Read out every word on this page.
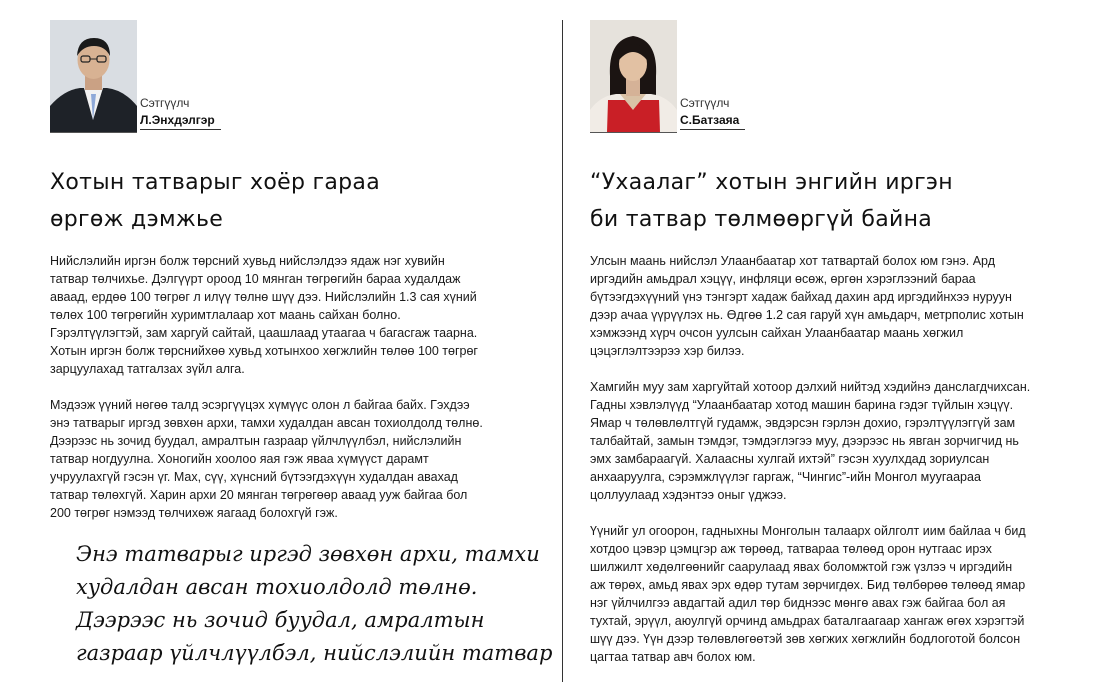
Сэтгүүлч
Л.Энхдэлгэр
Хотын татварыг хоёр гараа
өргөж дэмжье

Нийслэлийн иргэн болж төрсний хувьд нийслэлдээ ядаж нэг хувийн

татвар төлчихье. Дэлгүүрт ороод 10 мянган төгрөгийн бараа худалдаж

аваад, ердөө 100 төгрөг л илүү төлнө шүү дээ. Нийслэлийн 1.3 сая хүний

төлөх 100 төгрөгийн хуримтлалаар хот маань сайхан болно.

Гэрэлтүүлэгтэй, зам харгуй сайтай, цаашлаад утаагаа ч багасгаж таарна.

Хотын иргэн болж төрснийхөө хувьд хотынхоо хөгжлийн төлөө 100 төгрөг

зарцуулахад татгалзах зүйл алга.

Мэдээж үүний нөгөө талд эсэргүүцэх хүмүүс олон л байгаа байх. Гэхдээ

энэ татварыг иргэд зөвхөн архи, тамхи худалдан авсан тохиолдолд төлнө.

Дээрээс нь зочид буудал, амралтын газраар үйлчлүүлбэл, нийслэлийн

татвар ногдуулна. Хоногийн хоолоо яая гэж яваа хүмүүст дарамт

учруулахгүй гэсэн үг. Мах, сүү, хүнсний бүтээгдэхүүн худалдан авахад

татвар төлөхгүй. Харин архи 20 мянган төгрөгөөр аваад ууж байгаа бол

200 төгрөг нэмээд төлчихөж яагаад болохгүй гэж.

Энэ татварыг иргэд зөвхөн архи, тамхи
худалдан авсан тохиолдолд төлнө.
Дээрээс нь зочид буудал, амралтын
газраар үйлчлүүлбэл, нийслэлийн татвар
Сэтгүүлч
С.Батзаяа
“Ухаалаг” хотын энгийн иргэн
би татвар төлмөөргүй байна

Улсын маань нийслэл Улаанбаатар хот татвартай болох юм гэнэ. Ард

иргэдийн амьдрал хэцүү, инфляци өсөж, өргөн хэрэглээний бараа

бүтээгдэхүүний үнэ тэнгэрт хадаж байхад дахин ард иргэдийнхээ нуруун

дээр ачаа үүрүүлэх нь. Өдгөө 1.2 сая гаруй хүн амьдарч, метрполис хотын

хэмжээнд хүрч очсон уулсын сайхан Улаанбаатар маань хөгжил

цэцэглэлтээрээ хэр билээ.

Хамгийн муу зам харгуйтай хотоор дэлхий нийтэд хэдийнэ данслагдчихсан.

Гадны хэвлэлүүд “Улаанбаатар хотод машин барина гэдэг түйлын хэцүү.

Ямар ч төлөвлөлтгүй гудамж, эвдэрсэн гэрлэн дохио, гэрэлтүүлэггүй зам

талбайтай, замын тэмдэг, тэмдэглэгээ муу, дээрээс нь явган зорчигчид нь

эмх замбараагүй. Халаасны хулгай ихтэй” гэсэн хуулхдад зориулсан

анхааруулга, сэрэмжлүүлэг гаргаж, “Чингис”-ийн Монгол муугаараа

цоллуулаад хэдэнтээ оныг үджээ.

Үүнийг ул огоорон, гадныхны Монголын талаарх ойлголт иим байлаа ч бид

хотдоо цэвэр цэмцгэр аж төрөөд, татвараа төлөөд орон нутгаас ирэх

шилжилт хөдөлгөөнийг саарулаад явах боломжтой гэж үзлээ ч иргэдийн

аж төрөх, амьд явах эрх өдөр тутам зөрчигдөх. Бид төлбөрөө төлөөд ямар

нэг үйлчилгээ авдагтай адил төр биднээс мөнгө авах гэж байгаа бол ая

тухтай, эрүүл, аюулгүй орчинд амьдрах баталгаагаар хангаж өгөх хэрэгтэй

шүү дээ. Үүн дээр төлөвлөгөөтэй зөв хөгжих хөгжлийн бодлоготой болсон

цагтаа татвар авч болох юм.
